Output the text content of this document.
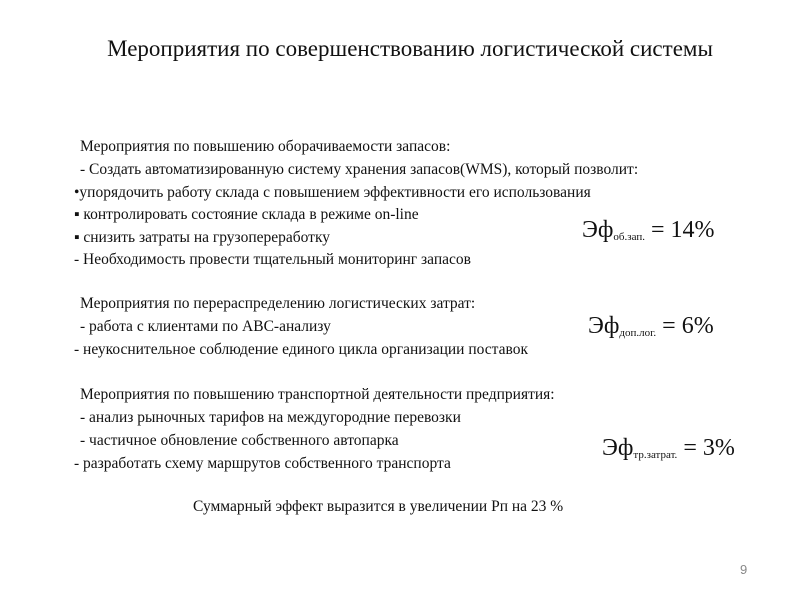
Мероприятия по совершенствованию логистической системы
Мероприятия по повышению оборачиваемости запасов:
- Создать автоматизированную систему хранения запасов(WMS), который позволит:
•упорядочить работу склада с повышением эффективности его использования
▪ контролировать состояние склада в режиме on-line
▪ снизить затраты на грузопереработку
- Необходимость провести тщательный мониторинг запасов
$Эф_{об.зап.} = 14\%$
Мероприятия по перераспределению логистических затрат:
- работа с клиентами по АВС-анализу
- неукоснительное соблюдение единого цикла организации поставок
$Эф_{доп.лог.} = 6\%$
Мероприятия по повышению транспортной деятельности предприятия:
- анализ рыночных тарифов на междугородние перевозки
- частичное обновление собственного автопарка
- разработать схему маршрутов собственного транспорта
$Эф_{тр.затрат.} = 3\%$
Суммарный эффект выразится в увеличении Рп на 23 %
9
